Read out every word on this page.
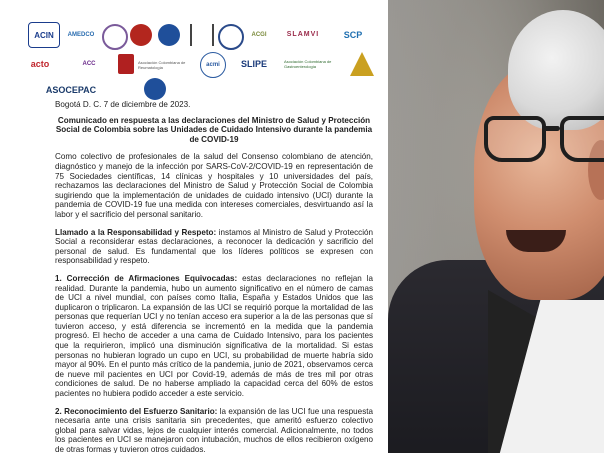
ACIN AMEDCO	ACGI	SLAMVI	SCP
acto	ACC	Asociación Colombiana de Reumatología	acmi SLIPE	Asociación Colombiana de Gastroenterología
ASOCEPAC

Bogotá D. C. 7 de diciembre de 2023.

Comunicado en respuesta a las declaraciones del Ministro de Salud y Protección Social de Colombia sobre las Unidades de Cuidado Intensivo durante la pandemia de COVID-19

Como colectivo de profesionales de la salud del Consenso colombiano de atención, diagnóstico y manejo de la infección por SARS-CoV-2/COVID-19 en representación de 75 Sociedades científicas, 14 clínicas y hospitales y 10 universidades del país, rechazamos las declaraciones del Ministro de Salud y Protección Social de Colombia sugiriendo que la implementación de unidades de cuidado intensivo (UCI) durante la pandemia de COVID-19 fue una medida con intereses comerciales, desvirtuando así la labor y el sacrificio del personal sanitario.

Llamado a la Responsabilidad y Respeto: instamos al Ministro de Salud y Protección Social a reconsiderar estas declaraciones, a reconocer la dedicación y sacrificio del personal de salud. Es fundamental que los líderes políticos se expresen con responsabilidad y respeto.

1. Corrección de Afirmaciones Equivocadas: estas declaraciones no reflejan la realidad. Durante la pandemia, hubo un aumento significativo en el número de camas de UCI a nivel mundial, con países como Italia, España y Estados Unidos que las duplicaron o triplicaron. La expansión de las UCI se requirió porque la mortalidad de las personas que requerían UCI y no tenían acceso era superior a la de las personas que sí tuvieron acceso, y está diferencia se incrementó en la medida que la pandemia progresó. El hecho de acceder a una cama de Cuidado Intensivo, para los pacientes que la requirieron, implicó una disminución significativa de la mortalidad. Si estas personas no hubieran logrado un cupo en UCI, su probabilidad de muerte habría sido mayor al 90%. En el punto más crítico de la pandemia, junio de 2021, observamos cerca de nueve mil pacientes en UCI por Covid-19, además de más de tres mil por otras condiciones de salud. De no haberse ampliado la capacidad cerca del 60% de estos pacientes no hubiera podido acceder a este servicio.

2. Reconocimiento del Esfuerzo Sanitario: la expansión de las UCI fue una respuesta necesaria ante una crisis sanitaria sin precedentes, que ameritó esfuerzo colectivo global para salvar vidas, lejos de cualquier interés comercial. Adicionalmente, no todos los pacientes en UCI se manejaron con intubación, muchos de ellos recibieron oxígeno de otras formas y tuvieron otros cuidados.
